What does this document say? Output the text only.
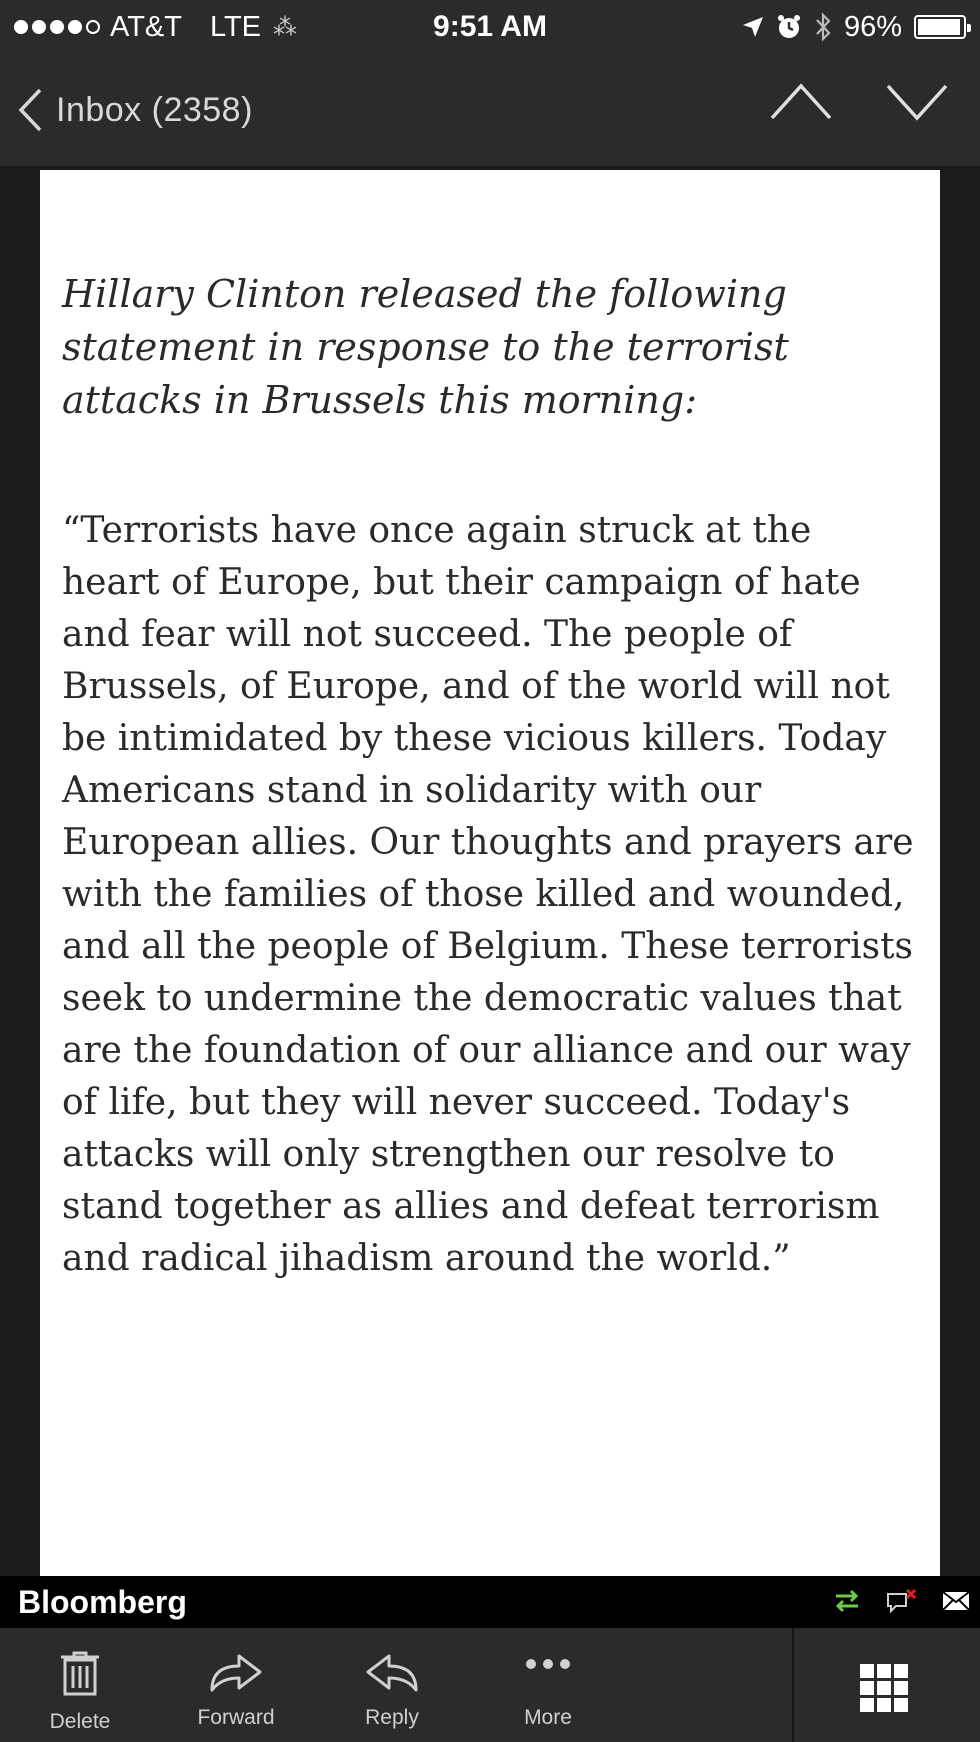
AT&T LTE ⁂	9:51 AM	96%
Inbox (2358)

Hillary Clinton released the following statement in response to the terrorist attacks in Brussels this morning:

“Terrorists have once again struck at the heart of Europe, but their campaign of hate and fear will not succeed. The people of Brussels, of Europe, and of the world will not be intimidated by these vicious killers. Today Americans stand in solidarity with our European allies. Our thoughts and prayers are with the families of those killed and wounded, and all the people of Belgium. These terrorists seek to undermine the democratic values that are the foundation of our alliance and our way of life, but they will never succeed. Today's attacks will only strengthen our resolve to stand together as allies and defeat terrorism and radical jihadism around the world.”

Bloomberg
Delete	Forward	Reply	More
